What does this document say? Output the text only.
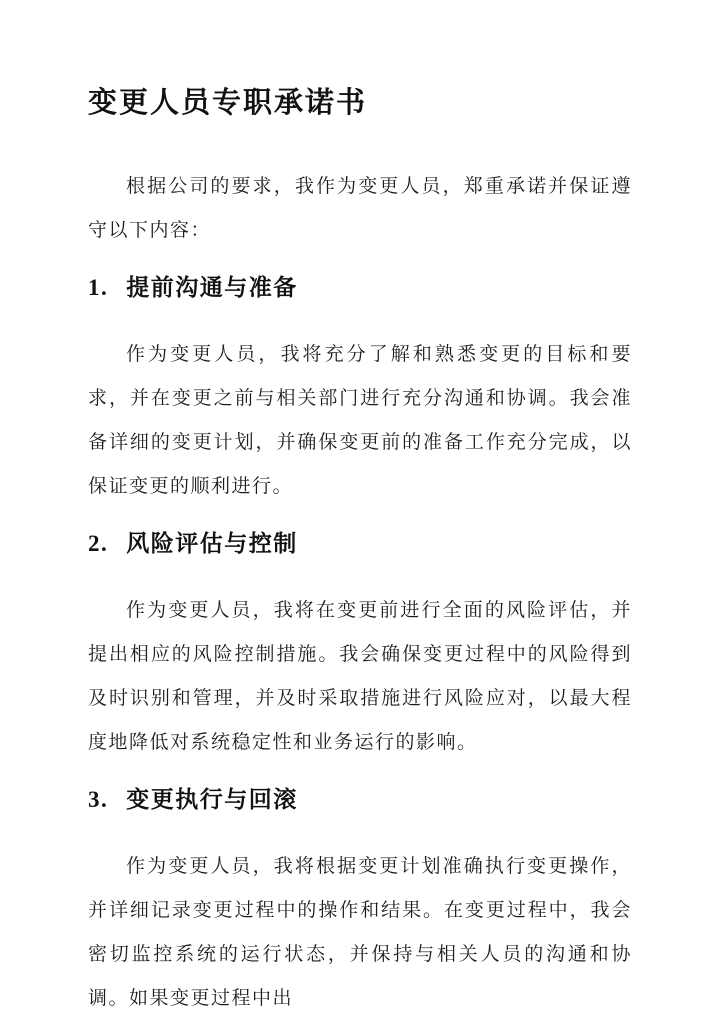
变更人员专职承诺书

根据公司的要求，我作为变更人员，郑重承诺并保证遵守以下内容：

1. 提前沟通与准备

作为变更人员，我将充分了解和熟悉变更的目标和要求，并在变更之前与相关部门进行充分沟通和协调。我会准备详细的变更计划，并确保变更前的准备工作充分完成，以保证变更的顺利进行。

2. 风险评估与控制

作为变更人员，我将在变更前进行全面的风险评估，并提出相应的风险控制措施。我会确保变更过程中的风险得到及时识别和管理，并及时采取措施进行风险应对，以最大程度地降低对系统稳定性和业务运行的影响。

3. 变更执行与回滚

作为变更人员，我将根据变更计划准确执行变更操作，并详细记录变更过程中的操作和结果。在变更过程中，我会密切监控系统的运行状态，并保持与相关人员的沟通和协调。如果变更过程中出
